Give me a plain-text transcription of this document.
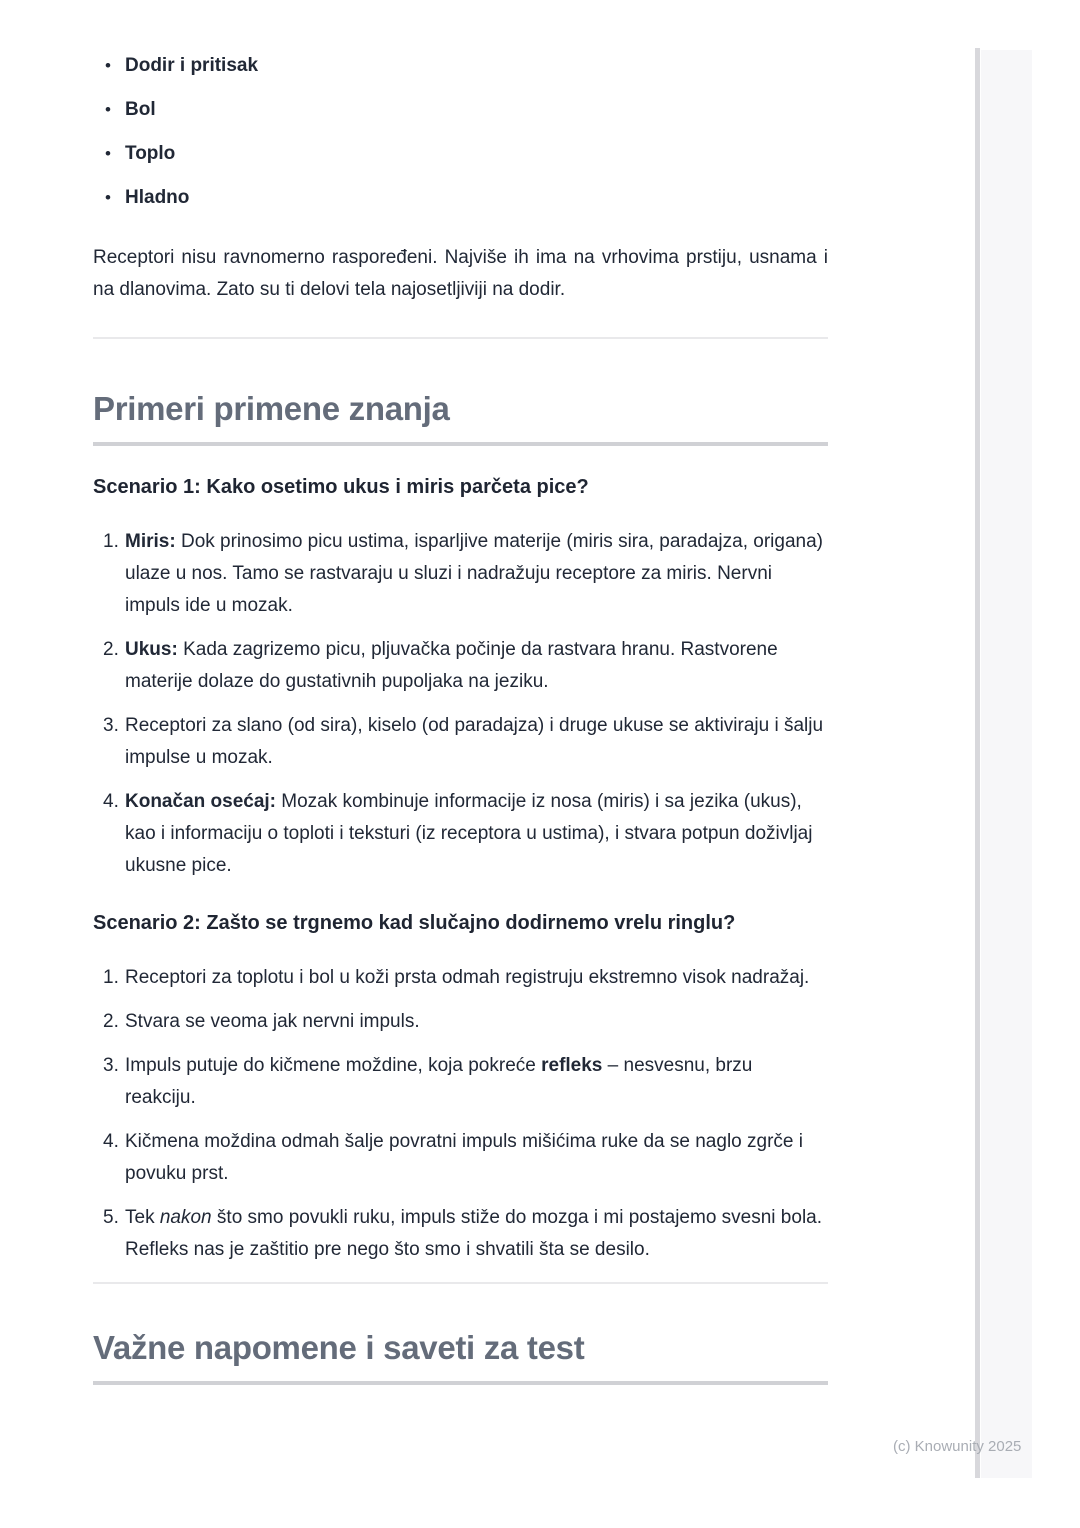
• Dodir i pritisak
• Bol
• Toplo
• Hladno

Receptori nisu ravnomerno raspoređeni. Najviše ih ima na vrhovima prstiju, usnama i na dlanovima. Zato su ti delovi tela najosetljiviji na dodir.

Primeri primene znanja
Scenario 1: Kako osetimo ukus i miris parčeta pice?
1. Miris: Dok prinosimo picu ustima, isparljive materije (miris sira, paradajza, origana) ulaze u nos. Tamo se rastvaraju u sluzi i nadražuju receptore za miris. Nervni impuls ide u mozak.
2. Ukus: Kada zagrizemo picu, pljuvačka počinje da rastvara hranu. Rastvorene materije dolaze do gustativnih pupoljaka na jeziku.
3. Receptori za slano (od sira), kiselo (od paradajza) i druge ukuse se aktiviraju i šalju impulse u mozak.
4. Konačan osećaj: Mozak kombinuje informacije iz nosa (miris) i sa jezika (ukus), kao i informaciju o toploti i teksturi (iz receptora u ustima), i stvara potpun doživljaj ukusne pice.
Scenario 2: Zašto se trgnemo kad slučajno dodirnemo vrelu ringlu?
1. Receptori za toplotu i bol u koži prsta odmah registruju ekstremno visok nadražaj.
2. Stvara se veoma jak nervni impuls.
3. Impuls putuje do kičmene moždine, koja pokreće refleks – nesvesnu, brzu reakciju.
4. Kičmena moždina odmah šalje povratni impuls mišićima ruke da se naglo zgrče i povuku prst.
5. Tek nakon što smo povukli ruku, impuls stiže do mozga i mi postajemo svesni bola. Refleks nas je zaštitio pre nego što smo i shvatili šta se desilo.
Važne napomene i saveti za test
(c) Knowunity 2025
